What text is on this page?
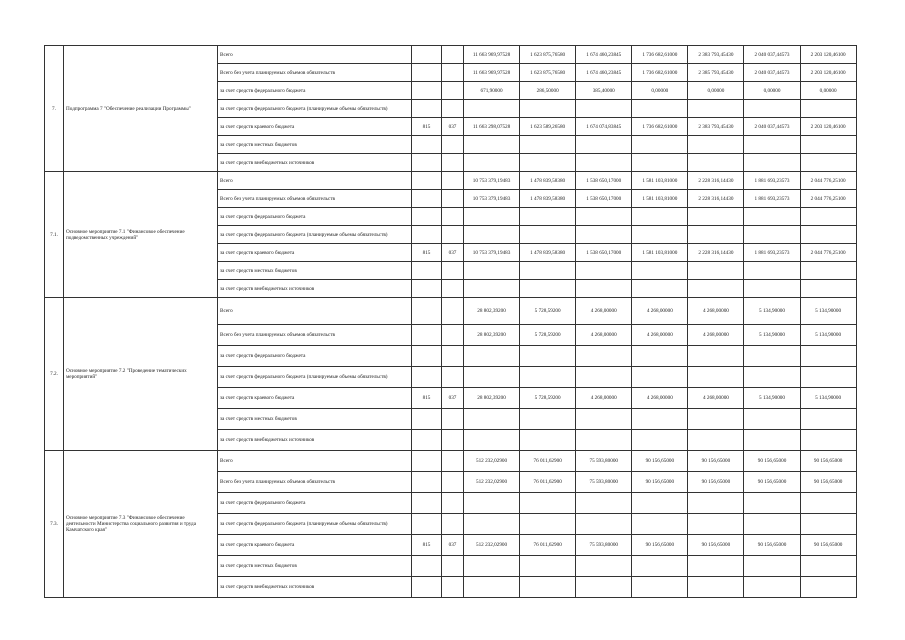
7.	Подпрограмма 7 "Обеспечение реализации Программы"	Всего			11 663 969,97528	1 623 875,76580	1 674 460,23845	1 736 682,61000	2 383 793,45430	2 040 037,44573	2 203 120,46100
		Всего без учета планируемых объемов обязательств			11 663 969,97528	1 623 875,76580	1 674 460,23845	1 736 682,61000	2 385 793,45430	2 040 037,44573	2 203 120,46100
		за счет средств федерального бюджета			671,90000	286,50000	385,40000	0,00000	0,00000	0,00000	0,00000
		за счет средств федерального бюджета (планируемые объемы обязательств)									
		за счет средств краевого бюджета	815	037	11 663 298,07528	1 623 589,26580	1 674 074,83845	1 736 682,61000	2 383 793,45430	2 040 037,44573	2 203 120,46100
		за счет средств местных бюджетов									
		за счет средств внебюджетных источников									
7.1.	Основное мероприятие 7.1 "Финансовое обеспечение подведомственных учреждений"	Всего			10 753 379,19483	1 478 839,58380	1 538 650,17000	1 581 103,81000	2 228 316,14430	1 881 693,23573	2 044 776,25100
		Всего без учета планируемых объемов обязательств			10 753 379,19483	1 478 839,58380	1 538 650,17000	1 581 103,81000	2 228 316,14430	1 881 693,23573	2 044 776,25100
		за счет средств федерального бюджета									
		за счет средств федерального бюджета (планируемые объемы обязательств)									
		за счет средств краевого бюджета	815	037	10 753 379,19483	1 478 839,58380	1 538 650,17000	1 581 103,81000	2 228 316,14430	1 881 693,23573	2 044 776,25100
		за счет средств местных бюджетов									
		за счет средств внебюджетных источников									
7.2.	Основное мероприятие 7.2 "Проведение тематических мероприятий"	Всего			28 802,39200	5 728,59200	4 268,00000	4 268,00000	4 268,00000	5 134,90000	5 134,90000
		Всего без учета планируемых объемов обязательств			28 802,39200	5 728,59200	4 268,00000	4 268,00000	4 268,00000	5 134,90000	5 134,90000
		за счет средств федерального бюджета									
		за счет средств федерального бюджета (планируемые объемы обязательств)									
		за счет средств краевого бюджета	815	037	28 802,39200	5 728,59200	4 268,00000	4 268,00000	4 268,00000	5 134,90000	5 134,90000
		за счет средств местных бюджетов									
		за счет средств внебюджетных источников									
7.3.	Основное мероприятие 7.3 "Финансовое обеспечение деятельности Министерства социального развития и труда Камчатского края"	Всего			512 232,02900	76 011,62900	75 593,80000	90 156,65000	90 156,65000	90 156,65000	90 156,65000
		Всего без учета планируемых объемов обязательств			512 232,02900	76 011,62900	75 593,80000	90 156,65000	90 156,65000	90 156,65000	90 156,65000
		за счет средств федерального бюджета									
		за счет средств федерального бюджета (планируемые объемы обязательств)									
		за счет средств краевого бюджета	815	037	512 232,02900	76 011,62900	75 593,80000	90 156,65000	90 156,65000	90 156,65000	90 156,65000
		за счет средств местных бюджетов									
		за счет средств внебюджетных источников									
